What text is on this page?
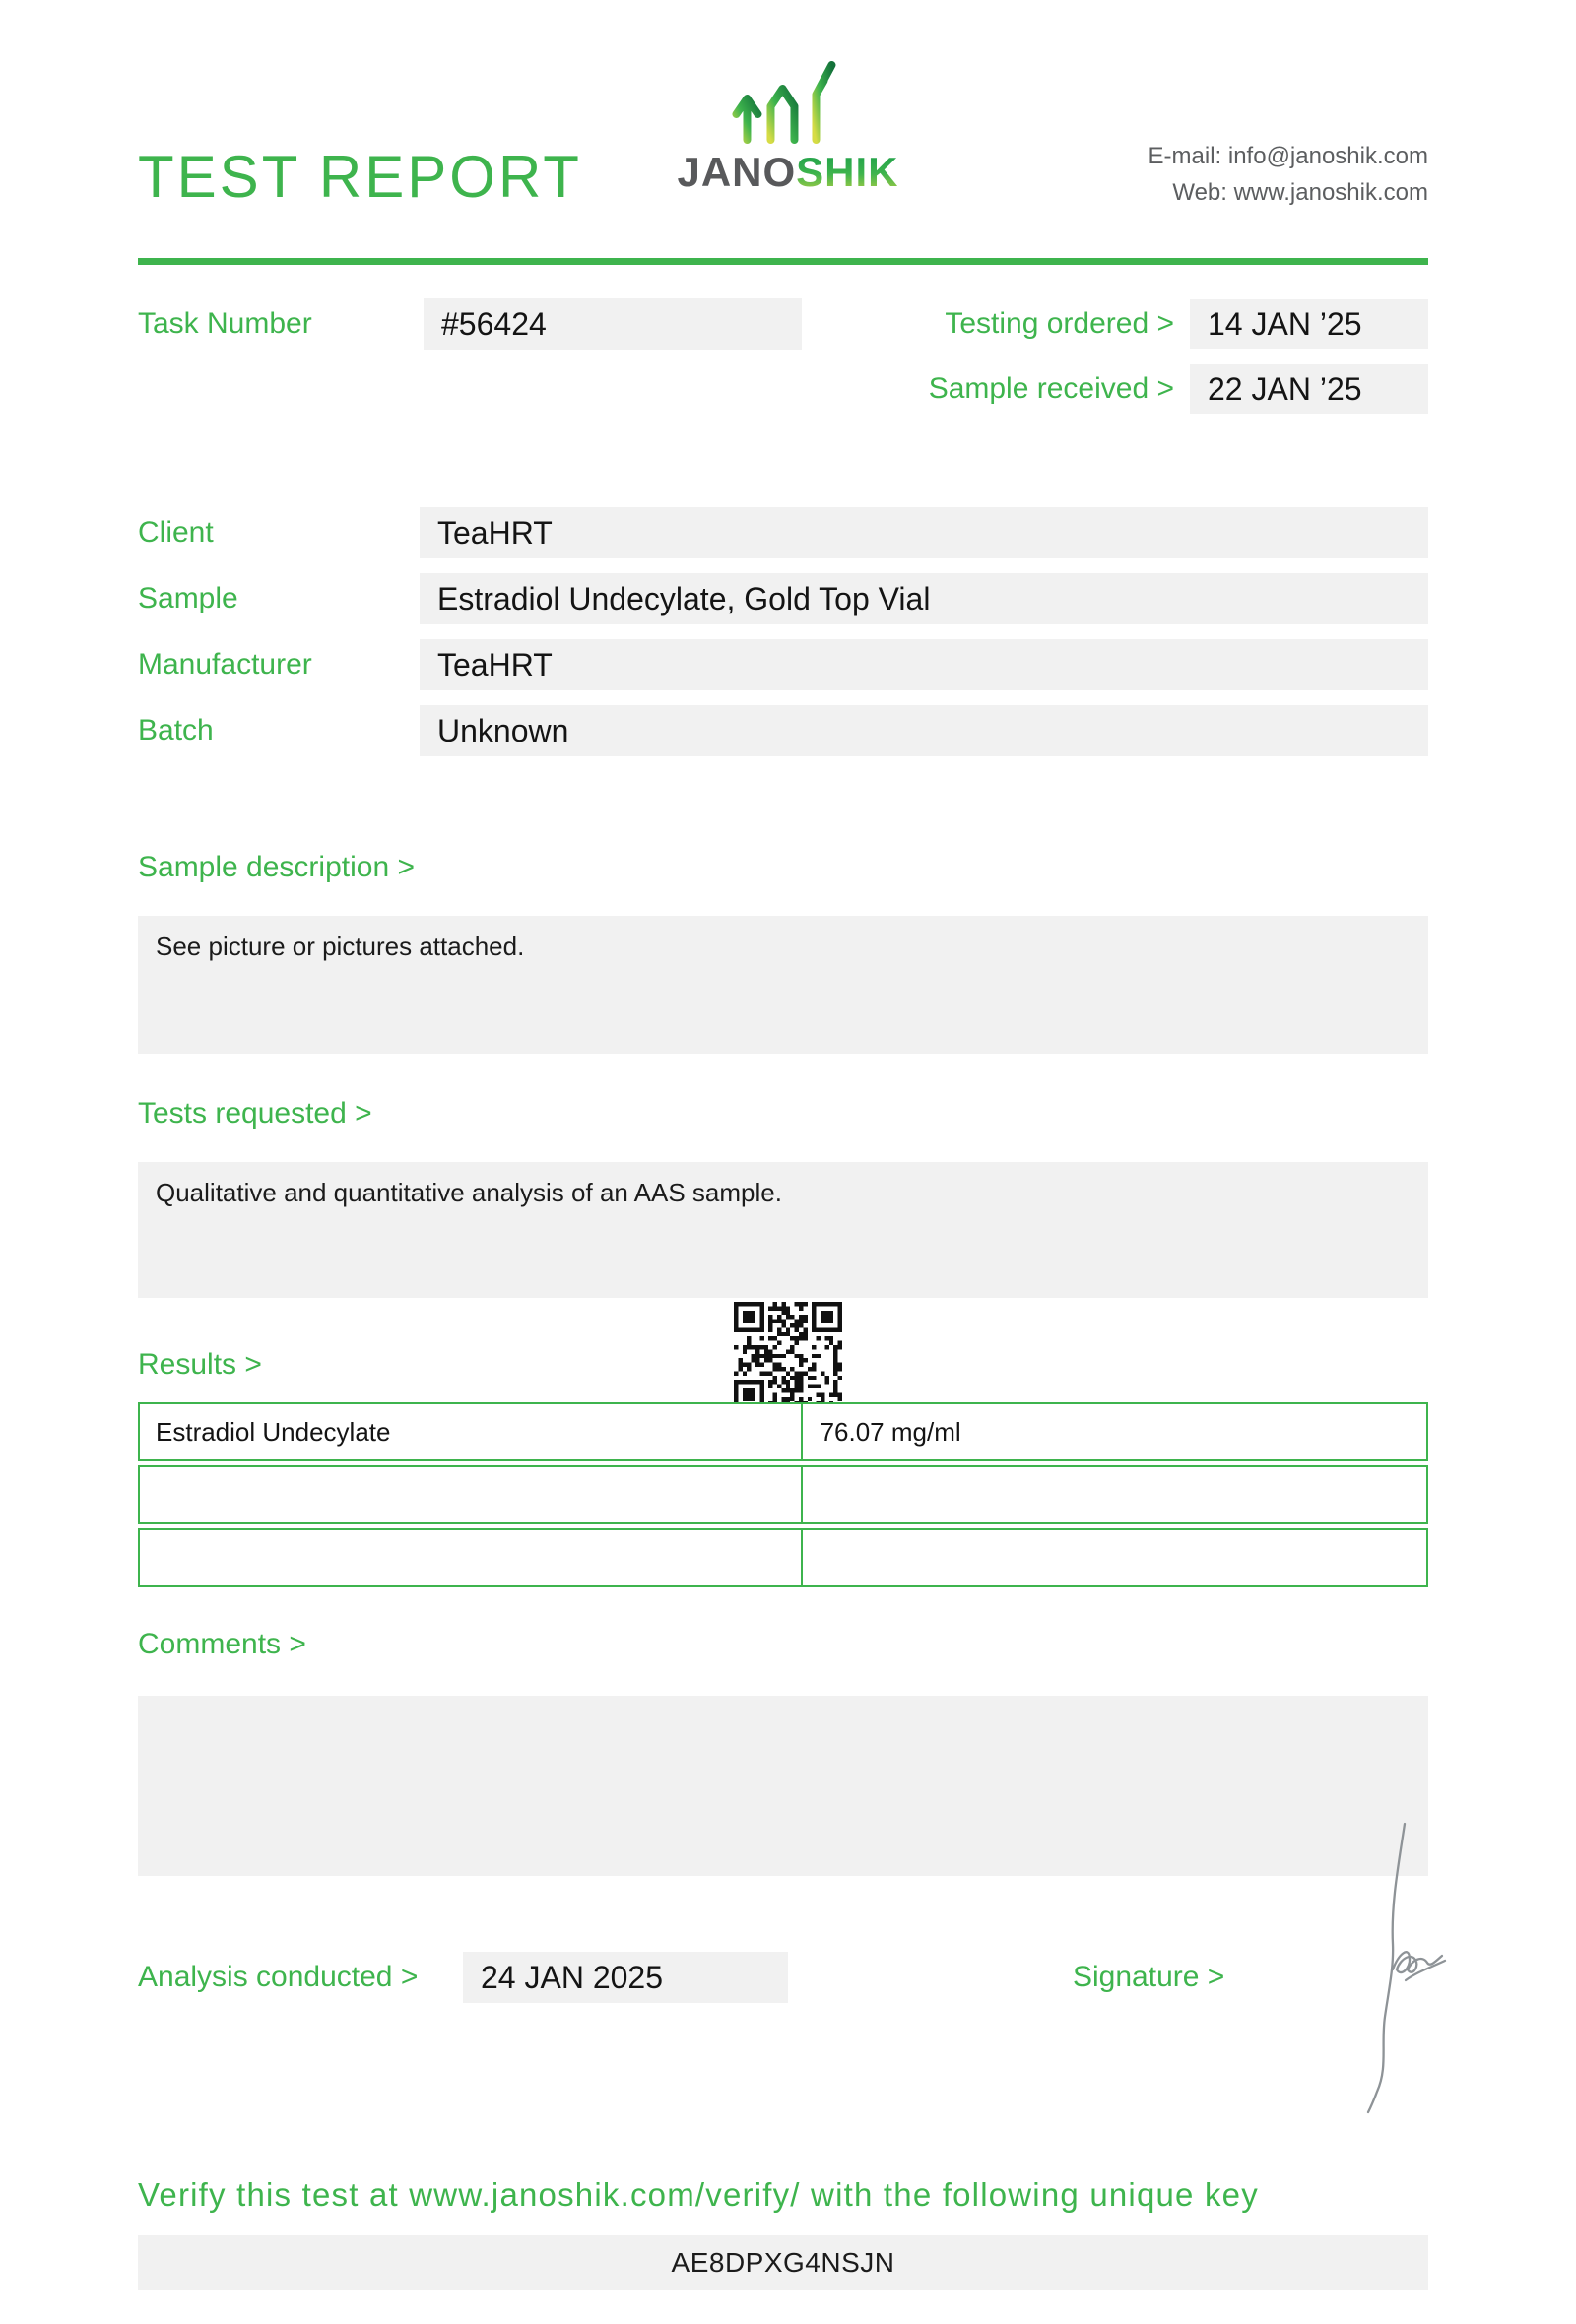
TEST REPORT JANOSHIK	E-mail: info@janoshik.com
Web: www.janoshik.com
Task Number	#56424	Testing ordered >	14 JAN ’25
Sample received >	22 JAN ’25
Client	TeaHRT
Sample	Estradiol Undecylate, Gold Top Vial
Manufacturer	TeaHRT
Batch	Unknown
Sample description >
See picture or pictures attached.
Tests requested >
Qualitative and quantitative analysis of an AAS sample.
Results >
Estradiol Undecylate	76.07 mg/ml
Comments >
Analysis conducted >	24 JAN 2025	Signature >
Verify this test at www.janoshik.com/verify/ with the following unique key
AE8DPXG4NSJN
